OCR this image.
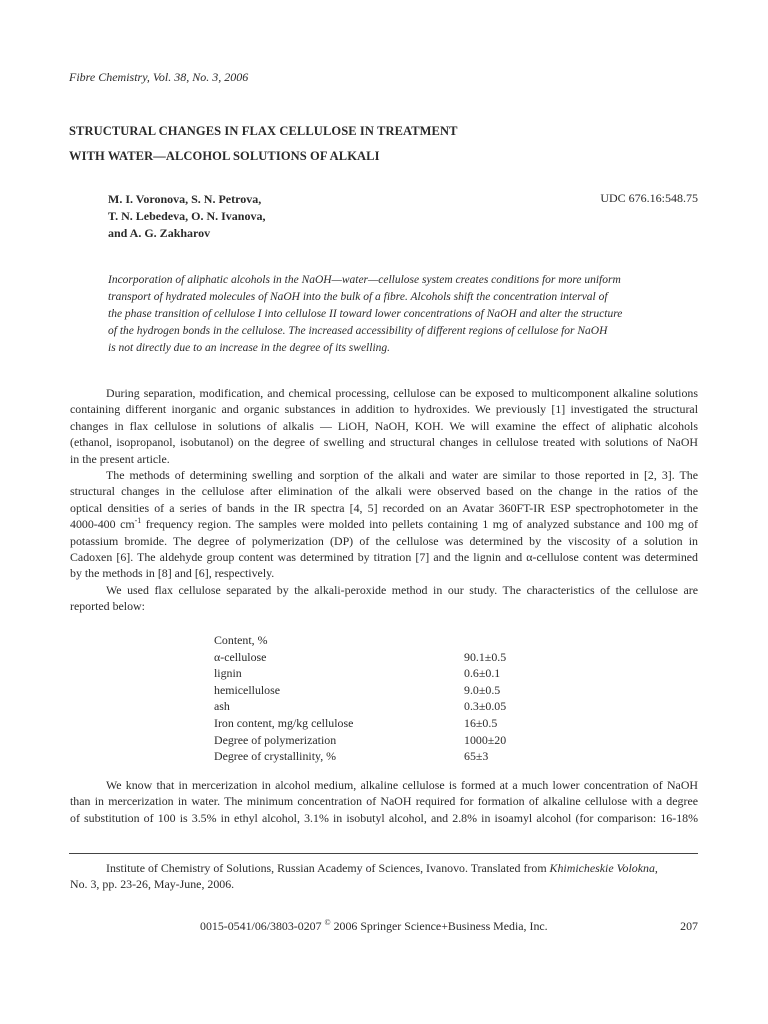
Fibre Chemistry, Vol. 38, No. 3, 2006
STRUCTURAL CHANGES IN FLAX CELLULOSE IN TREATMENT
WITH WATER—ALCOHOL SOLUTIONS OF ALKALI
M. I. Voronova, S. N. Petrova,
T. N. Lebedeva, O. N. Ivanova,
and A. G. Zakharov
UDC 676.16:548.75
Incorporation of aliphatic alcohols in the NaOH—water—cellulose system creates conditions for more uniform
transport of hydrated molecules of NaOH into the bulk of a fibre. Alcohols shift the concentration interval of
the phase transition of cellulose I into cellulose II toward lower concentrations of NaOH and alter the structure
of the hydrogen bonds in the cellulose. The increased accessibility of different regions of cellulose for NaOH
is not directly due to an increase in the degree of its swelling.

During separation, modification, and chemical processing, cellulose can be exposed to multicomponent alkaline solutions
containing different inorganic and organic substances in addition to hydroxides. We previously [1] investigated the structural
changes in flax cellulose in solutions of alkalis — LiOH, NaOH, KOH. We will examine the effect of aliphatic alcohols
(ethanol, isopropanol, isobutanol) on the degree of swelling and structural changes in cellulose treated with solutions of NaOH
in the present article.

The methods of determining swelling and sorption of the alkali and water are similar to those reported in [2, 3]. The
structural changes in the cellulose after elimination of the alkali were observed based on the change in the ratios of the
optical densities of a series of bands in the IR spectra [4, 5] recorded on an Avatar 360FT-IR ESP spectrophotometer in the
4000-400 $cm^{-1}$ frequency region. The samples were molded into pellets containing 1 mg of analyzed substance and 100 mg of
potassium bromide. The degree of polymerization (DP) of the cellulose was determined by the viscosity of a solution in
Cadoxen [6]. The aldehyde group content was determined by titration [7] and the lignin and α-cellulose content was determined
by the methods in [8] and [6], respectively.

We used flax cellulose separated by the alkali-peroxide method in our study. The characteristics of the cellulose are
reported below:

Content, %
α-cellulose	90.1±0.5
lignin	0.6±0.1
hemicellulose	9.0±0.5
ash	0.3±0.05
Iron content, mg/kg cellulose	16±0.5
Degree of polymerization	1000±20
Degree of crystallinity, %	65±3

We know that in mercerization in alcohol medium, alkaline cellulose is formed at a much lower concentration of NaOH
than in mercerization in water. The minimum concentration of NaOH required for formation of alkaline cellulose with a degree
of substitution of 100 is 3.5% in ethyl alcohol, 3.1% in isobutyl alcohol, and 2.8% in isoamyl alcohol (for comparison: 16-18%

Institute of Chemistry of Solutions, Russian Academy of Sciences, Ivanovo. Translated from Khimicheskie Volokna,
No. 3, pp. 23-26, May-June, 2006.
0015-0541/06/3803-0207 © 2006 Springer Science+Business Media, Inc.	207
